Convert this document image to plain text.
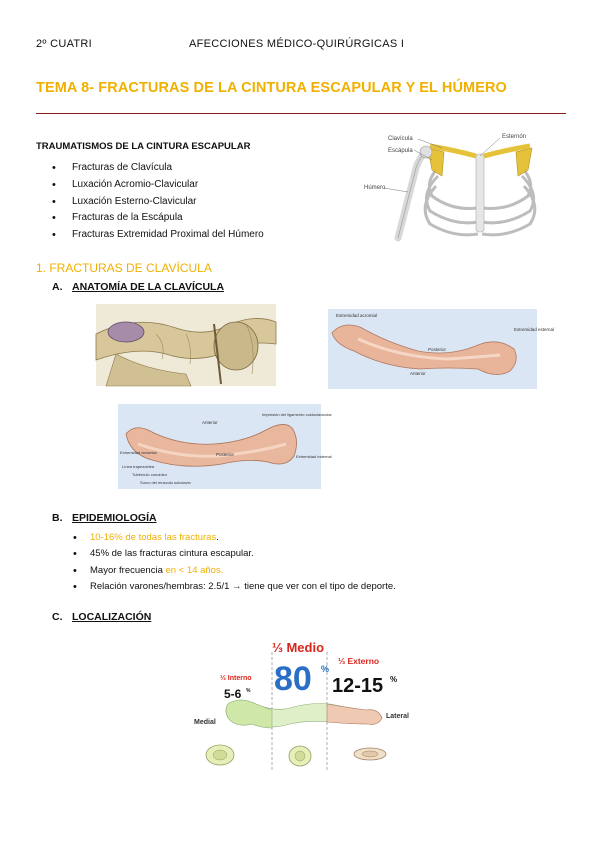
2º CUATRI	AFECCIONES MÉDICO-QUIRÚRGICAS I
TEMA 8- FRACTURAS DE LA CINTURA ESCAPULAR Y EL HÚMERO
TRAUMATISMOS DE LA CINTURA ESCAPULAR
• Fracturas de Clavícula
• Luxación Acromio-Clavicular
• Luxación Esterno-Clavicular
• Fracturas de la Escápula
• Fracturas Extremidad Proximal del Húmero
Clavícula
Escápula
Húmero
Esternón
1. FRACTURAS DE CLAVÍCULA
A. ANATOMÍA DE LA CLAVÍCULA
Extremidad acromial
Extremidad esternal
Posterior
Anterior
Anterior
Posterior
Impresión del ligamento costoclavicular
Extremidad acromial
Línea trapezoidea
Tubérculo conoideo
Surco del músculo subclavio
Extremidad esternal
B. EPIDEMIOLOGÍA
• 10-16% de todas las fracturas.
• 45% de las fracturas cintura escapular.
• Mayor frecuencia en < 14 años.
• Relación varones/hembras: 2.5/1 → tiene que ver con el tipo de deporte.
C. LOCALIZACIÓN
⅓ Medio
80 %
⅓ Interno
5-6 %
⅓ Externo
12-15 %
Medial
Lateral
